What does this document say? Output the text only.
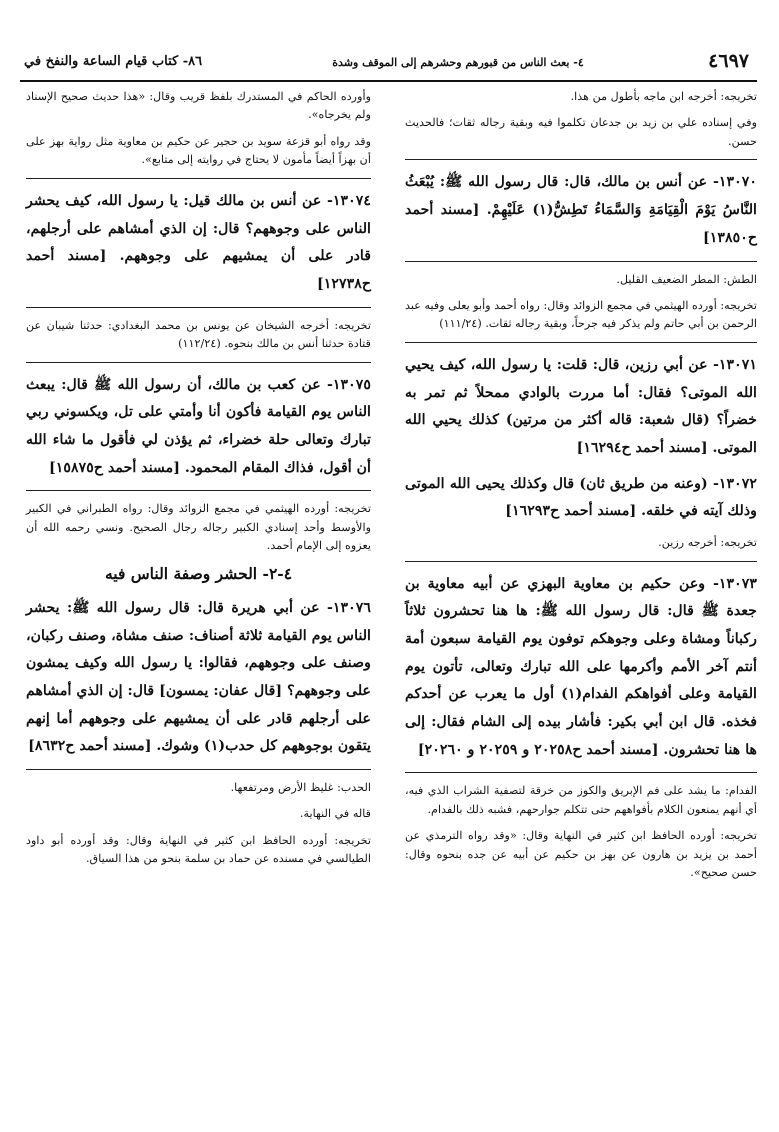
٤٦٩٧
٤- بعث الناس من قبورهم وحشرهم إلى الموقف وشدة
٨٦- كتاب قيام الساعة والنفخ في

تخريجه: أخرجه ابن ماجه بأطول من هذا.

وفي إسناده علي بن زيد بن جدعان تكلموا فيه وبقية رجاله ثقات؛ فالحديث حسن.

١٣٠٧٠- عن أنس بن مالك، قال: قال رسول الله ﷺ: يُبْعَثُ النَّاسُ يَوْمَ الْقِيَامَةِ وَالسَّمَاءُ تَطِشُّ(١) عَلَيْهِمْ. [مسند أحمد ح١٣٨٥٠]

الطش: المطر الضعيف القليل.

تخريجه: أورده الهيثمي في مجمع الزوائد وقال: رواه أحمد وأبو يعلى وفيه عبد الرحمن بن أبي حاتم ولم يذكر فيه جرحاً، وبقية رجاله ثقات. (١١١/٢٤)

١٣٠٧١- عن أبي رزين، قال: قلت: يا رسول الله، كيف يحيي الله الموتى؟ فقال: أما مررت بالوادي ممحلاً ثم تمر به خضراً؟ (قال شعبة: قاله أكثر من مرتين) كذلك يحيي الله الموتى. [مسند أحمد ح١٦٢٩٤]

١٣٠٧٢- (وعنه من طريق ثان) قال وكذلك يحيى الله الموتى وذلك آيته في خلقه. [مسند أحمد ح١٦٢٩٣]

تخريجه: أخرجه رزين.

١٣٠٧٣- وعن حكيم بن معاوية البهزي عن أبيه معاوية بن جعدة ﷺ قال: قال رسول الله ﷺ: ها هنا تحشرون ثلاثاً ركباناً ومشاة وعلى وجوهكم توفون يوم القيامة سبعون أمة أنتم آخر الأمم وأكرمها على الله تبارك وتعالى، تأتون يوم القيامة وعلى أفواهكم الفدام(١) أول ما يعرب عن أحدكم فخذه. قال ابن أبي بكير: فأشار بيده إلى الشام فقال: إلى ها هنا تحشرون. [مسند أحمد ح٢٠٢٥٨ و ٢٠٢٥٩ و ٢٠٢٦٠]

الفدام: ما يشد على فم الإبريق والكوز من خرقة لتصفية الشراب الذي فيه، أي أنهم يمنعون الكلام بأفواههم حتى تتكلم جوارحهم، فشبه ذلك بالفدام.

تخريجه: أورده الحافظ ابن كثير في النهاية وقال: «وقد رواه الترمذي عن أحمد بن يزيد بن هارون عن بهز بن حكيم عن أبيه عن جده بنحوه وقال: حسن صحيح».

وأورده الحاكم في المستدرك بلفظ قريب وقال: «هذا حديث صحيح الإسناد ولم يخرجاه».

وقد رواه أبو قزعة سويد بن حجير عن حكيم بن معاوية مثل رواية بهز على أن بهزاً أيضاً مأمون لا يحتاج في روايته إلى متابع».

١٣٠٧٤- عن أنس بن مالك قيل: يا رسول الله، كيف يحشر الناس على وجوههم؟ قال: إن الذي أمشاهم على أرجلهم، قادر على أن يمشيهم على وجوههم. [مسند أحمد ح١٢٧٣٨]

تخريجه: أخرجه الشيخان عن يونس بن محمد البغدادي: حدثنا شيبان عن قتادة حدثنا أنس بن مالك بنحوه. (١١٢/٢٤)

١٣٠٧٥- عن كعب بن مالك، أن رسول الله ﷺ قال: يبعث الناس يوم القيامة فأكون أنا وأمتي على تل، ويكسوني ربي تبارك وتعالى حلة خضراء، ثم يؤذن لي فأقول ما شاء الله أن أقول، فذاك المقام المحمود. [مسند أحمد ح١٥٨٧٥]

تخريجه: أورده الهيثمي في مجمع الزوائد وقال: رواه الطبراني في الكبير والأوسط وأحد إسنادي الكبير رجاله رجال الصحيح. ونسي رحمه الله أن يعزوه إلى الإمام أحمد.

٤-٢- الحشر وصفة الناس فيه

١٣٠٧٦- عن أبي هريرة قال: قال رسول الله ﷺ: يحشر الناس يوم القيامة ثلاثة أصناف: صنف مشاة، وصنف ركبان، وصنف على وجوههم، فقالوا: يا رسول الله وكيف يمشون على وجوههم؟ [قال عفان: يمسون] قال: إن الذي أمشاهم على أرجلهم قادر على أن يمشيهم على وجوههم أما إنهم يتقون بوجوههم كل حدب(١) وشوك. [مسند أحمد ح٨٦٣٢]

الحدب: غليظ الأرض ومرتفعها.

قاله في النهاية.

تخريجه: أورده الحافظ ابن كثير في النهاية وقال: وقد أورده أبو داود الطيالسي في مسنده عن حماد بن سلمة بنحو من هذا السياق.
